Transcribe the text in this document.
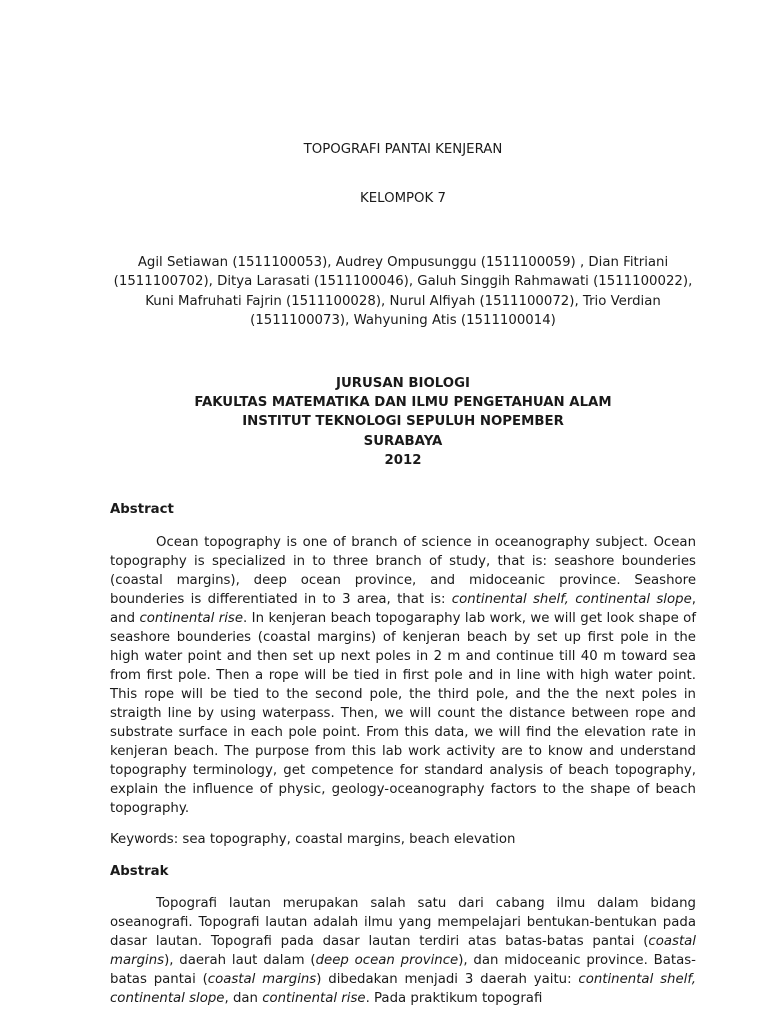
TOPOGRAFI PANTAI KENJERAN
KELOMPOK 7
Agil Setiawan (1511100053), Audrey Ompusunggu (1511100059) , Dian Fitriani (1511100702), Ditya Larasati (1511100046), Galuh Singgih Rahmawati (1511100022), Kuni Mafruhati Fajrin (1511100028), Nurul Alfiyah (1511100072), Trio Verdian (1511100073), Wahyuning Atis (1511100014)
JURUSAN BIOLOGI
FAKULTAS MATEMATIKA DAN ILMU PENGETAHUAN ALAM
INSTITUT TEKNOLOGI SEPULUH NOPEMBER
SURABAYA
2012
Abstract

Ocean topography is one of branch of science in oceanography subject. Ocean topography is specialized in to three branch of study, that is: seashore bounderies (coastal margins), deep ocean province, and midoceanic province. Seashore bounderies is differentiated in to 3 area, that is: continental shelf, continental slope, and continental rise. In kenjeran beach topogaraphy lab work, we will get look shape of seashore bounderies (coastal margins) of kenjeran beach by set up first pole in the high water point and then set up next poles in 2 m and continue till 40 m toward sea from first pole. Then a rope will be tied in first pole and in line with high water point. This rope will be tied to the second pole, the third pole, and the the next poles in straigth line by using waterpass. Then, we will count the distance between rope and substrate surface in each pole point. From this data, we will find the elevation rate in kenjeran beach. The purpose from this lab work activity are to know and understand topography terminology, get competence for standard analysis of beach topography, explain the influence of physic, geology-oceanography factors to the shape of beach topography.

Keywords: sea topography, coastal margins, beach elevation
Abstrak

Topografi lautan merupakan salah satu dari cabang ilmu dalam bidang oseanografi. Topografi lautan adalah ilmu yang mempelajari bentukan-bentukan pada dasar lautan. Topografi pada dasar lautan terdiri atas batas-batas pantai (coastal margins), daerah laut dalam (deep ocean province), dan midoceanic province. Batas-batas pantai (coastal margins) dibedakan menjadi 3 daerah yaitu: continental shelf, continental slope, dan continental rise. Pada praktikum topografi
